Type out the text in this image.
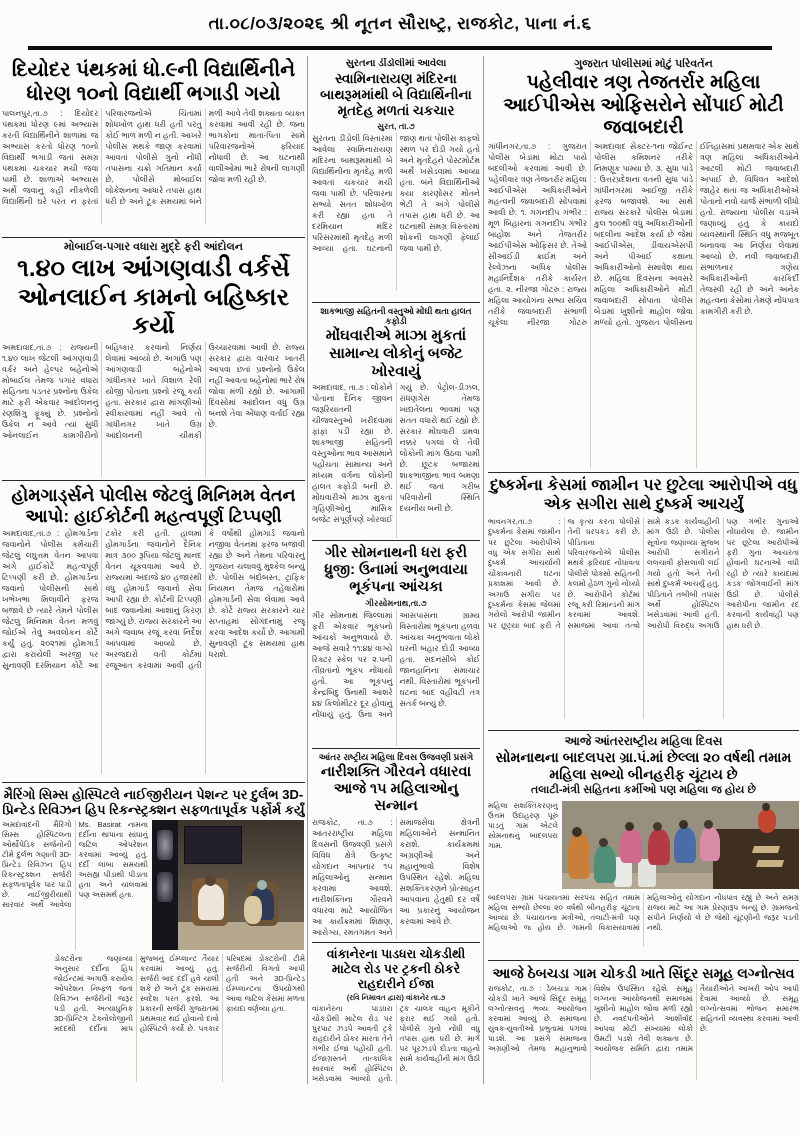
તા.૦૮/૦૩/૨૦૨૬ શ્રી નૂતન સૌરાષ્ટ્ર, રાજકોટ, પાના નં.૬
દિયોદર પંથકમાં ધો.૯ની વિદ્યાર્થિનીને ધોરણ ૧૦નો વિદ્યાર્થી ભગાડી ગયો
પાલનપુર,તા.૭ : દિયોદર પંથકમાં ધોરણ ૯માં અભ્યાસ કરતી વિદ્યાર્થિનીને શાળામાં જ અભ્યાસ કરતો ધોરણ ૧૦નો વિદ્યાર્થી ભગાડી જતાં સમગ્ર પંથકમાં ચકચાર મચી જવા પામી છે. શાળાએ અભ્યાસ અર્થે જવાનું કહી નીકળેલી વિદ્યાર્થિની ઘરે પરત ન ફરતાં પરિવારજનોએ ચિંતામાં શોધખોળ હાથ ધરી હતી પરંતુ કોઈ ભાળ મળી ન હતી. આખરે પોલીસ મથકે જાણ કરવામાં આવતાં પોલીસે ગુનો નોંધી તપાસના ચક્રો ગતિમાન કર્યા છે. પોલીસે મોબાઈલ લોકેશનના આધારે તપાસ હાથ ધરી છે અને ટૂંક સમયમાં બંને મળી આવે તેવી શક્યતા વ્યક્ત કરવામાં આવી રહી છે. જના ભાગકોના માતા-પિતા સામે પરિવારજનોએ ફરિયાદ નોંધાવી છે. આ ઘટનાથી વાલીઓમાં ભારે રોષની લાગણી જોવા મળી રહી છે.
સુરતના ડીંડોલીમાં આવેલા
સ્વામિનારાયણ મંદિરના બાથરૂમમાંથી બે વિદ્યાર્થિનીના મૃતદેહ મળતાં ચકચાર
સુરત, તા.૭
સુરતના ડીંડોલી વિસ્તારમાં આવેલા સ્વામિનારાયણ મંદિરના બાથરૂમમાંથી બે વિદ્યાર્થિનીના મૃતદેહ મળી આવતાં ચકચાર મચી જવા પામી છે. પરિવારના સભ્યો સતત શોધખોળ કરી રહ્યા હતા તે દરમિયાન મંદિર પરિસરમાંથી મૃતદેહ મળી આવ્યા હતા. ઘટનાની જાણ થતાં પોલીસ કાફલો સ્થળ પર દોડી ગયો હતો અને મૃતદેહને પોસ્ટમોર્ટમ અર્થે ખસેડવામાં આવ્યા હતા. બંને વિદ્યાર્થિનીઓ કયા કારણોસર મોતને ભેટી તે અંગે પોલીસે તપાસ હાથ ધરી છે. આ ઘટનાથી સમગ્ર વિસ્તારમાં શોકની લાગણી ફેલાઈ જવા પામી છે.
ગુજરાત પોલીસમાં મોટું પરિવર્તન
પહેલીવાર ત્રણ તેજતર્રાર મહિલા આઈપીએસ ઓફિસરોને સોંપાઈ મોટી જવાબદારી
ગાંધીનગર,તા.૭ : ગુજરાત પોલીસ બેડામાં મોટા પાયે બદલીઓ કરવામાં આવી છે. પહેલીવાર ત્રણ તેજતર્રાર મહિલા આઈપીએસ અધિકારીઓને મહત્વની જવાબદારી સોંપવામાં આવી છે. ૧. ગગનદીપ ગંભીર : મૂળ બિહારના ગગનદીપ ગંભીર બાહોશ અને તેજતર્રાર આઈપીએસ ઓફિસર છે. તેઓ સીઆઈડી ક્રાઈમ અને રેલ્વેઝના અધિક પોલીસ મહાનિર્દેશક તરીકે કાર્યરત હતા. ૨. નીરજા ગોટરુ : રાજ્ય મહિલા આયોગના સભ્ય સચિવ તરીકે જવાબદારી સંભાળી ચૂકેલા નીરજા ગોટરુ અમદાવાદ સેક્ટર-૧ના જોઈન્ટ પોલીસ કમિશનર તરીકે નિમણૂક પામ્યા છે. ૩. સુધા પાંડે : ઉત્તરપ્રદેશના વતની સુધા પાંડે ગાંધીનગરમાં આઈજી તરીકે ફરજ બજાવશે. આ સાથે રાજ્ય સરકારે પોલીસ બેડામાં કુલ ૧૦૦થી વધુ અધિકારીઓની બદલીના આદેશ કર્યા છે જેમાં આઈપીએસ, ડીવાયએસપી અને પીઆઈ કક્ષાના અધિકારીઓનો સમાવેશ થાય છે. મહિલા દિવસના અવસરે મહિલા અધિકારીઓને મોટી જવાબદારી સોંપાતા પોલીસ બેડામાં ખુશીનો માહોલ જોવા મળ્યો હતો. ગુજરાત પોલીસના ઈતિહાસમાં પ્રથમવાર એક સાથે ત્રણ મહિલા અધિકારીઓને આટલી મોટી જવાબદારી અપાઈ છે. વિધિવત આદેશો જાહેર થતા જ અધિકારીઓએ પોતાનો નવો ચાર્જ સંભાળી લીધો હતો. રાજ્યના પોલીસ વડાએ જણાવ્યું હતું કે કાયદો વ્યવસ્થાની સ્થિતિ વધુ મજબૂત બનાવવા આ નિર્ણય લેવામાં આવ્યો છે. નવી જવાબદારી સંભાળનાર ત્રણેય અધિકારીઓની કારકિર્દી તેજસ્વી રહી છે અને અનેક મહત્વના કેસોમાં તેમણે નોંધપાત્ર કામગીરી કરી છે.
મોબાઈલ-પગાર વધારા મુદ્દે ફરી આંદોલન
૧.૪૦ લાખ આંગણવાડી વર્કર્સે ઓનલાઈન કામનો બહિષ્કાર કર્યો
અમદાવાદ,તા.૭ : રાજ્યની ૧.૪૦ લાખ જેટલી આંગણવાડી વર્કર અને હેલ્પર બહેનોએ મોબાઈલ તેમજ પગાર વધારા સહિતના પડતર પ્રશ્નોના ઉકેલ માટે ફરી એકવાર આંદોલનનું રણશિંગુ ફૂંક્યું છે. પ્રશ્નોનો ઉકેલ ન આવે ત્યાં સુધી ઓનલાઈન કામગીરીનો બહિષ્કાર કરવાનો નિર્ણય લેવામાં આવ્યો છે. અગાઉ પણ આંગણવાડી બહેનોએ ગાંધીનગર ખાતે વિશાળ રેલી યોજી પોતાના પ્રશ્નો રજૂ કર્યા હતા. સરકાર દ્વારા માંગણીઓ સ્વીકારવામાં નહીં આવે તો ગાંધીનગર ખાતે ઉગ્ર આંદોલનની ચીમકી ઉચ્ચારવામાં આવી છે. રાજ્ય સરકાર દ્વારા વારંવાર ખાતરી આપવા છતાં પ્રશ્નોનો ઉકેલ નહીં આવતા બહેનોમાં ભારે રોષ જોવા મળી રહ્યો છે. આગામી દિવસોમાં આંદોલન વધુ ઉગ્ર બનશે તેવા એંધાણ વર્તાઈ રહ્યા છે.
શાકભાજી સહિતની વસ્તુઓ મોંઘી થતા હાલત કફોડી
મોંઘવારીએ માઝા મુકતાં સામાન્ય લોકોનું બજેટ ખોરવાયું
અમદાવાદ, તા.૭ : લોકોને પોતાના દૈનિક જીવન જરૂરિયાતની ચીજવસ્તુઓ ખરીદવામાં ફાંફાં પડી રહ્યા છે. શાકભાજી સહિતની વસ્તુઓના ભાવ આસમાને પહોંચતા સામાન્ય અને મધ્યમ વર્ગના લોકોની હાલત કફોડી બની છે. મોંઘવારીએ માઝા મુકતાં ગૃહિણીઓનું માસિક બજેટ સંપૂર્ણપણે ખોરવાઈ ગયું છે. પેટ્રોલ-ડીઝલ, રાંધણગેસ તેમજ ખાદ્યતેલના ભાવમાં પણ સતત વધારો થઈ રહ્યો છે. સરકાર મોંઘવારી ડામવા નક્કર પગલાં લે તેવી લોકોની માંગ ઉઠવા પામી છે. છૂટક બજારમાં શાકભાજીના ભાવ બમણા થઈ જતાં ગરીબ પરિવારોની સ્થિતિ દયનીય બની છે.
હોમગાર્ડ્સને પોલીસ જેટલું મિનિમમ વેતન આપો: હાઈકોર્ટની મહત્વપૂર્ણ ટિપ્પણી
અમદાવાદ,તા.૭ : હોમગાર્ડના જવાનોને પોલીસ કર્મચારી જેટલું લઘુત્તમ વેતન આપવા અંગે હાઈકોર્ટે મહત્વપૂર્ણ ટિપ્પણી કરી છે. હોમગાર્ડના જવાનો પોલીસની સાથે ખભેખભા મિલાવીને ફરજ બજાવે છે ત્યારે તેમને પોલીસ જેટલું મિનિમમ વેતન મળવું જોઈએ તેવું અવલોકન કોર્ટે કર્યું હતું. ૨૦૨૧માં હોમગાર્ડ દ્વારા કરાયેલી અરજી પર સુનાવણી દરમિયાન કોર્ટે આ ટકોર કરી હતી. હાલમાં હોમગાર્ડના જવાનોને દૈનિક માત્ર ૩૦૦ રૂપિયા જેટલું માનદ વેતન ચૂકવવામાં આવે છે. રાજ્યમાં અંદાજે ૪૦ હજારથી વધુ હોમગાર્ડ જવાનો સેવા આપી રહ્યા છે. કોર્ટની ટિપ્પણી બાદ જવાનોમાં આશાનું કિરણ જાગ્યું છે. રાજ્ય સરકારને આ અંગે જવાબ રજૂ કરવા નિર્દેશ આપવામાં આવ્યો છે. અરજદારો વતી કોર્ટમાં રજૂઆત કરવામાં આવી હતી કે વર્ષોથી હોમગાર્ડ જવાનો નજીવા વેતનમાં ફરજ બજાવી રહ્યા છે અને તેમના પરિવારનું ગુજરાન ચલાવવું મુશ્કેલ બન્યું છે. પોલીસ બંદોબસ્ત, ટ્રાફિક નિયમન તેમજ તહેવારોમાં હોમગાર્ડની સેવા લેવામાં આવે છે. કોર્ટે રાજ્ય સરકારને ચાર સપ્તાહમાં સોગંદનામું રજૂ કરવા આદેશ કર્યો છે. આગામી સુનાવણી ટૂંક સમયમાં હાથ ધરાશે.
દુષ્કર્મના કેસમાં જામીન પર છુટેલા આરોપીએ વધુ એક સગીરા સાથે દુષ્કર્મ આચર્યું
ભાવનગર,તા.૭ : દુષ્કર્મના કેસમાં જામીન પર છુટેલા આરોપીએ વધુ એક સગીરા સાથે દુષ્કર્મ આચર્યાની ચોંકાવનારી ઘટના પ્રકાશમાં આવી છે. અગાઉ સગીરા પર દુષ્કર્મના કેસમાં જેલમાં ગયેલો આરોપી જામીન પર છૂટ્યા બાદ ફરી તે જ કૃત્ય કરતા પોલીસે તેની ધરપકડ કરી છે. પીડિતાના પરિવારજનોએ પોલીસ મથકે ફરિયાદ નોંધાવતા પોલીસે પોક્સો સહિતની કલમો હેઠળ ગુનો નોંધ્યો છે. આરોપીને કોર્ટમાં રજૂ કરી રિમાન્ડની માંગ કરવામાં આવશે. સમાજમાં આવા તત્વો સામે કડક કાર્યવાહીની માંગ ઉઠી છે. પોલીસ સૂત્રોના જણાવ્યા મુજબ આરોપી સગીરાને લલચાવી ફોસલાવી લઈ ગયો હતો અને તેની સાથે દુષ્કર્મ આચર્યું હતું. પીડિતાને તબીબી તપાસ અર્થે હોસ્પિટલ ખસેડવામાં આવી હતી. આરોપી વિરુદ્ધ અગાઉ પણ ગંભીર ગુનાઓ નોંધાયેલા છે. જામીન પર છૂટેલા આરોપીઓ ફરી ગુના આચરતા હોવાની ઘટનાઓ વધી રહી છે ત્યારે કાયદામાં કડક જોગવાઈની માંગ ઉઠી છે. પોલીસે આરોપીના જામીન રદ કરવાની કાર્યવાહી પણ હાથ ધરી છે.
ગીર સોમનાથની ધરા ફરી ધ્રુજી: ઉનામાં અનુભવાયા ભૂકંપના આંચકા
ગીરસોમનાથ,તા.૭
ગીર સોમનાથ જિલ્લામાં ફરી એકવાર ભૂકંપનો આંચકો અનુભવાયો છે. આજે સવારે ૧૧:૪૪ વાગ્યે રિક્ટર સ્કેલ પર ૨.૫ની તીવ્રતાનો ભૂકંપ નોંધાયો હતો. આ ભૂકંપનું કેન્દ્રબિંદુ ઉનાથી આશરે ૪૪ કિલોમીટર દૂર હોવાનું નોંધાયું હતું. ઉના અને આસપાસના ગ્રામ્ય વિસ્તારોમાં ભૂકંપના હળવા આંચકા અનુભવાતા લોકો ઘરની બહાર દોડી આવ્યા હતા. સદનસીબે કોઈ જાનહાનિના સમાચાર નથી. વિસ્તારોમાં ભૂકંપની ઘટના બાદ વહીવટી તંત્ર સતર્ક બન્યું છે.
આજે આંતરરાષ્ટ્રીય મહિલા દિવસ
સોમનાથના બાદલપરા ગ્રા.પં.માં છેલ્લા ૨૦ વર્ષથી તમામ મહિલા સભ્યો બીનહરીફ ચૂંટાય છે
તલાટી-મંત્રી સહિતના કર્મીઓ પણ મહિલા જ હોય છે
મહિલા સશક્તિકરણનું ઉત્તમ ઉદાહરણ પૂરું પાડતું ગામ એટલે સોમનાથનું બાદલપરા ગામ.
બાદલપરા ગ્રામ પંચાયતમાં સરપંચ સહિત તમામ મહિલા સભ્યો છેલ્લા ૨૦ વર્ષથી બીનહરીફ ચૂંટાતા આવ્યા છે. પંચાયતના મંત્રીઓ, તલાટી-મંત્રી પણ મહિલાઓ જ હોય છે. ગામની વિકાસયાત્રામાં મહિલાઓનું યોગદાન નોંધપાત્ર રહ્યું છે અને સમગ્ર રાજ્ય માટે આ ગામ પ્રેરણારૂપ બન્યું છે. ગ્રામજનો સંપીને નિર્ણયો લે છે જેથી ચૂંટણીની જરૂર પડતી નથી.
આંતર રાષ્ટ્રીય મહિલા દિવસ ઉજવણી પ્રસંગે
નારીશક્તિ ગૌરવને વધારવા આજે ૧૫ મહિલાઓનુ સન્માન
રાજકોટ, તા.૭ : આંતરરાષ્ટ્રીય મહિલા દિવસની ઉજવણી પ્રસંગે વિવિધ ક્ષેત્રે ઉત્કૃષ્ટ યોગદાન આપનાર ૧૫ મહિલાઓનું સન્માન કરવામાં આવશે. નારીશક્તિના ગૌરવને વધારવા માટે આયોજિત આ કાર્યક્રમમાં શિક્ષણ, આરોગ્ય, રમતગમત અને સમાજસેવા ક્ષેત્રની મહિલાઓને સન્માનિત કરાશે. કાર્યક્રમમાં અગ્રણીઓ અને મહાનુભાવો વિશેષ ઉપસ્થિત રહેશે. મહિલા સશક્તિકરણને પ્રોત્સાહન આપવાના હેતુથી દર વર્ષે આ પ્રકારનું આયોજન કરવામાં આવે છે.
વાંકાનેરના પાડધરા ચોકડીથી માટેલ રોડ પર ટ્રકની ઠોકરે રાહદારીને ઈજા
(રવિ નિમાવત દ્વારા) વાંકાનેર તા.૭
વાંકાનેરના પાડધરા ચોકડીથી માટેલ રોડ પર પુરપાટ ઝડપે આવતી ટ્રકે રાહદારીને ઠોકર મારતા તેને ગંભીર ઈજા પહોંચી હતી. ઈજાગ્રસ્તને તાત્કાલિક સારવાર અર્થે હોસ્પિટલ ખસેડવામાં આવ્યો હતો. ટ્રક ચાલક વાહન મૂકીને ફરાર થઈ ગયો હતો. પોલીસે ગુનો નોંધી વધુ તપાસ હાથ ધરી છે. માર્ગ પર પૂરઝડપે દોડતા વાહનો સામે કાર્યવાહીની માંગ ઉઠી છે.
મૈરિંગો સિમ્સ હોસ્પિટલે નાઈજીરીયન પેશન્ટ પર દુર્લભ 3D-પ્રિન્ટેડ રિવિઝન હિપ રિકન્સ્ટ્રક્શન સફળતાપૂર્વક પર્ફોર્મ કર્યું
અમદાવાદની મૈરિંગો સિમ્સ હોસ્પિટલના ઓર્થોપેડિક સર્જનોની ટીમે દુર્લભ ગણાતી 3D-પ્રિન્ટેડ રિવિઝન હિપ રિકન્સ્ટ્રક્શન સર્જરી સફળતાપૂર્વક પાર પાડી છે. નાઈજીરીયાથી સારવાર અર્થે આવેલા Ms. Basirat નામના દર્દીના થાપાના સાંધાનું જટિલ ઓપરેશન કરવામાં આવ્યું હતું. દર્દી લાંબા સમયથી અસહ્ય પીડાથી પીડાતા હતા અને ચાલવામાં પણ અસમર્થ હતા.
ડોક્ટરોના જણાવ્યા અનુસાર દર્દીના હિપ જોઈન્ટમાં અગાઉ કરાયેલ ઓપરેશન નિષ્ફળ જતાં રિવિઝન સર્જરીની જરૂર પડી હતી. અત્યાધુનિક 3D-પ્રિન્ટિંગ ટેક્નોલોજીની મદદથી દર્દીના માપ મુજબનું ઈમ્પ્લાન્ટ તૈયાર કરવામાં આવ્યું હતું. સર્જરી બાદ દર્દી હવે ચાલી શકે છે અને ટૂંક સમયમાં સ્વદેશ પરત ફરશે. આ પ્રકારની સર્જરી ગુજરાતમાં પ્રથમવાર થઈ હોવાનો દાવો હોસ્પિટલે કર્યો છે. પત્રકાર પરિષદમાં ડોક્ટરોની ટીમે સર્જરીની વિગતો આપી હતી અને 3D-પ્રિન્ટેડ ઈમ્પ્લાન્ટના ઉપયોગથી આવા જટિલ કેસમાં મળતા ફાયદા વર્ણવ્યા હતા.
આજે ઠેબચડા ગામ ચોકડી ખાતે સિંદૂર સમૂહ લગ્નોત્સવ
રાજકોટ, તા.૭ : ઠેબચડા ગામ ચોકડી ખાતે આજે સિંદૂર સમૂહ લગ્નોત્સવનું ભવ્ય આયોજન કરવામાં આવ્યું છે. સમાજના યુવક-યુવતીઓ પ્રભુતામાં પગલાં પાડશે. આ પ્રસંગે સમાજના અગ્રણીઓ તેમજ મહાનુભાવો વિશેષ ઉપસ્થિત રહેશે. સમૂહ લગ્નના આયોજનથી સમાજમાં ખુશીનો માહોલ જોવા મળી રહ્યો છે. નવદંપતીઓને આશીર્વાદ આપવા મોટી સંખ્યામાં લોકો ઉમટી પડશે તેવી શક્યતા છે. આયોજક સમિતિ દ્વારા તમામ તૈયારીઓને આખરી ઓપ આપી દેવામાં આવ્યો છે. સમૂહ લગ્નોત્સવમાં ભોજન સમારંભ સહિતની વ્યવસ્થા કરવામાં આવી છે.
